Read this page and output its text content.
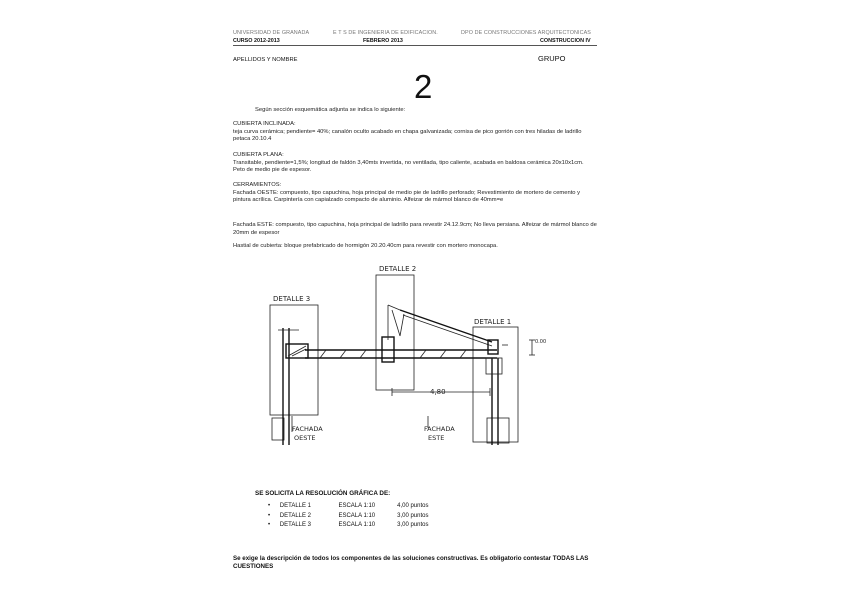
UNIVERSIDAD DE GRANADA
CURSO 2012-2013
E T S DE INGENIERIA DE EDIFICACION.
FEBRERO 2013
DPO DE CONSTRUCCIONES ARQUITECTONICAS
CONSTRUCCION IV
APELLIDOS Y NOMBRE	GRUPO
2
Según sección esquemática adjunta se indica lo siguiente:
CUBIERTA INCLINADA:
teja curva cerámica; pendiente= 40%; canalón oculto acabado en chapa galvanizada; cornisa de pico gorrión con tres hiladas de ladrillo petaca 20.10.4
CUBIERTA PLANA:
Transitable, pendiente=1,5%; longitud de faldón 3,40mts invertida, no ventilada, tipo caliente, acabada en baldosa cerámica 20x10x1cm. Peto de medio pie de espesor.
CERRAMIENTOS:
Fachada OESTE: compuesto, tipo capuchina, hoja principal de medio pie de ladrillo perforado; Revestimiento de mortero de cemento y pintura acrílica. Carpintería con capialzado compacto de aluminio. Alfeizar de mármol blanco de 40mm=e
Fachada ESTE: compuesto, tipo capuchina, hoja principal de ladrillo para revestir 24.12.9cm; No lleva persiana. Alfeizar de mármol blanco de 20mm de espesor
Hastial de cubierta: bloque prefabricado de hormigón 20.20.40cm para revestir con mortero monocapa.
DETALLE 2
DETALLE 3
DETALLE 1
0.00
4,80
FACHADA
OESTE
FACHADA
ESTE
SE SOLICITA LA RESOLUCIÓN GRÁFICA DE:
• DETALLE 1	ESCALA 1:10	4,00 puntos
• DETALLE 2	ESCALA 1:10	3,00 puntos
• DETALLE 3	ESCALA 1:10	3,00 puntos
Se exige la descripción de todos los componentes de las soluciones constructivas. Es obligatorio contestar TODAS LAS CUESTIONES
